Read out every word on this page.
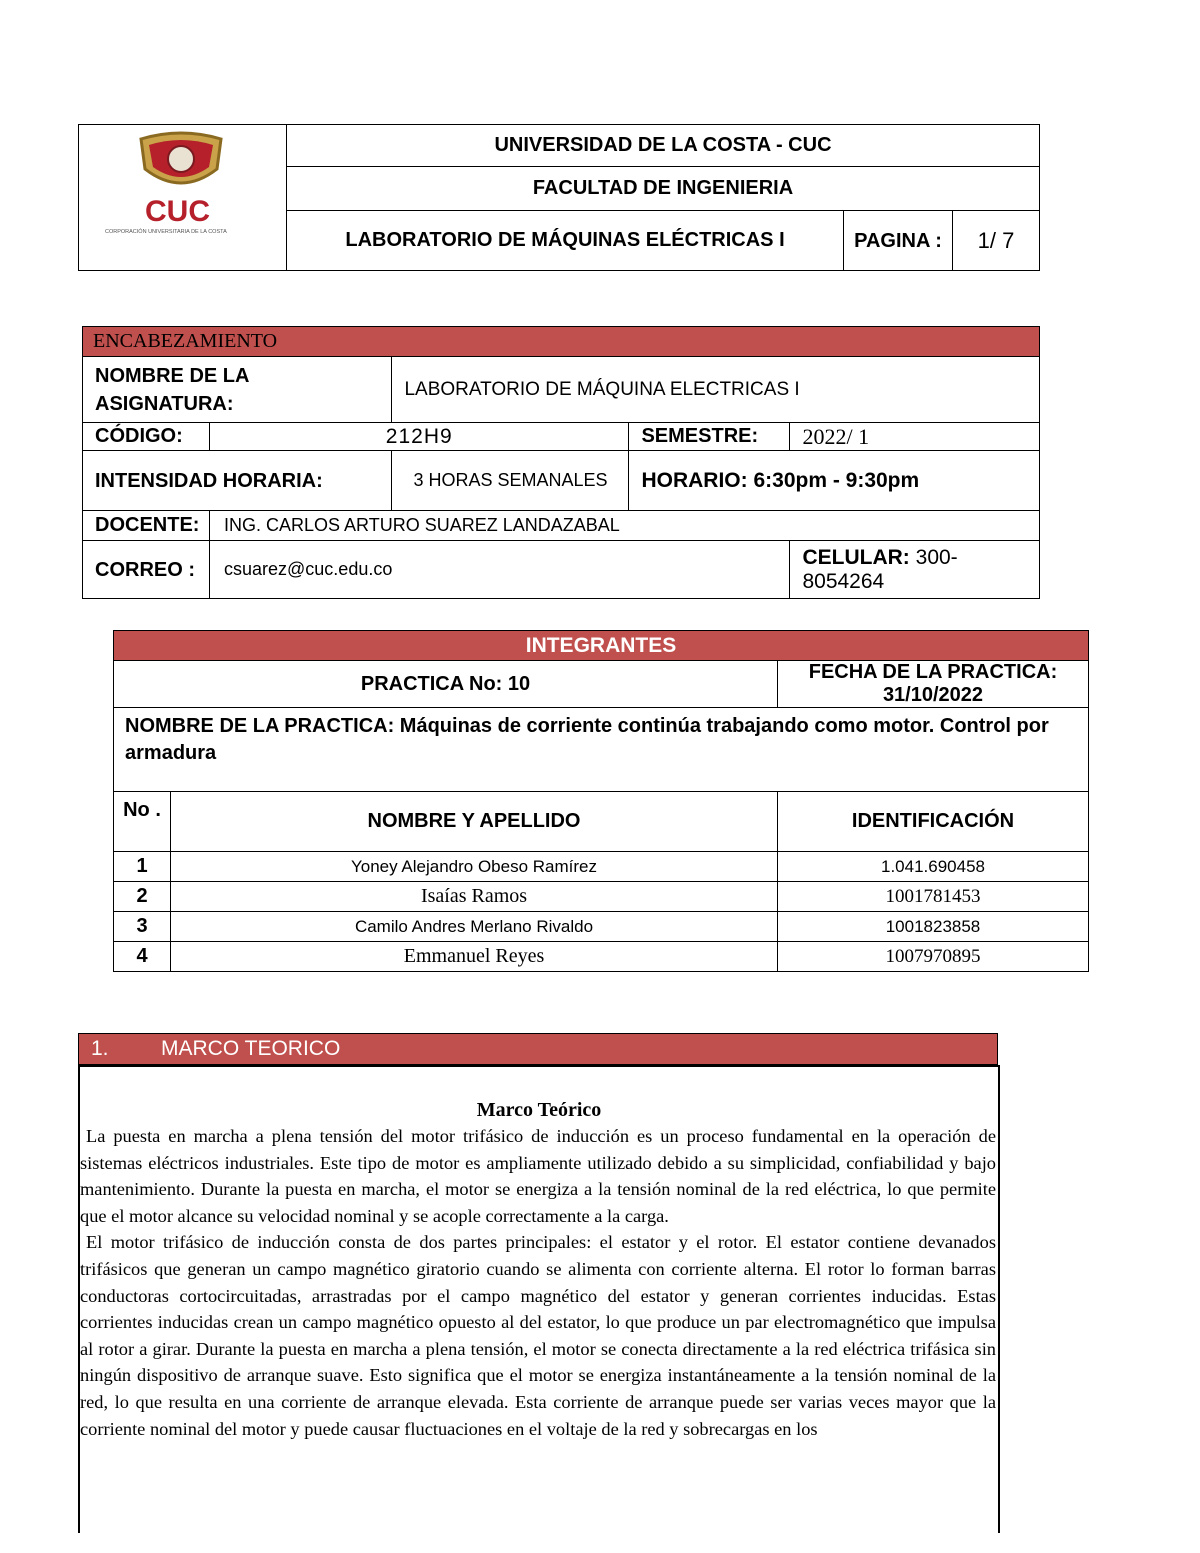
CUC
CORPORACIÓN UNIVERSITARIA DE LA COSTA	UNIVERSIDAD DE LA COSTA - CUC		
	FACULTAD DE INGENIERIA		
	LABORATORIO DE MÁQUINAS ELÉCTRICAS I	PAGINA :	1/ 7
ENCABEZAMIENTO				
NOMBRE DE LA ASIGNATURA:		LABORATORIO DE MÁQUINA ELECTRICAS I		
CÓDIGO:	212H9		SEMESTRE:	2022/ 1
INTENSIDAD HORARIA:		3 HORAS SEMANALES	HORARIO: 6:30pm - 9:30pm	
DOCENTE:	ING. CARLOS ARTURO SUAREZ LANDAZABAL			
CORREO :	csuarez@cuc.edu.co			CELULAR: 300-8054264
INTEGRANTES		
PRACTICA No: 10		FECHA DE LA PRACTICA: 31/10/2022
NOMBRE DE LA PRACTICA: Máquinas de corriente continúa trabajando como motor. Control por armadura		
No .	NOMBRE Y APELLIDO	IDENTIFICACIÓN
1	Yoney Alejandro Obeso Ramírez	1.041.690458
2	Isaías Ramos	1001781453
3	Camilo Andres Merlano Rivaldo	1001823858
4	Emmanuel Reyes	1007970895
1. MARCO TEORICO
Marco Teórico

La puesta en marcha a plena tensión del motor trifásico de inducción es un proceso fundamental en la operación de sistemas eléctricos industriales. Este tipo de motor es ampliamente utilizado debido a su simplicidad, confiabilidad y bajo mantenimiento. Durante la puesta en marcha, el motor se energiza a la tensión nominal de la red eléctrica, lo que permite que el motor alcance su velocidad nominal y se acople correctamente a la carga.

El motor trifásico de inducción consta de dos partes principales: el estator y el rotor. El estator contiene devanados trifásicos que generan un campo magnético giratorio cuando se alimenta con corriente alterna. El rotor lo forman barras conductoras cortocircuitadas, arrastradas por el campo magnético del estator y generan corrientes inducidas. Estas corrientes inducidas crean un campo magnético opuesto al del estator, lo que produce un par electromagnético que impulsa al rotor a girar. Durante la puesta en marcha a plena tensión, el motor se conecta directamente a la red eléctrica trifásica sin ningún dispositivo de arranque suave. Esto significa que el motor se energiza instantáneamente a la tensión nominal de la red, lo que resulta en una corriente de arranque elevada. Esta corriente de arranque puede ser varias veces mayor que la corriente nominal del motor y puede causar fluctuaciones en el voltaje de la red y sobrecargas en los
